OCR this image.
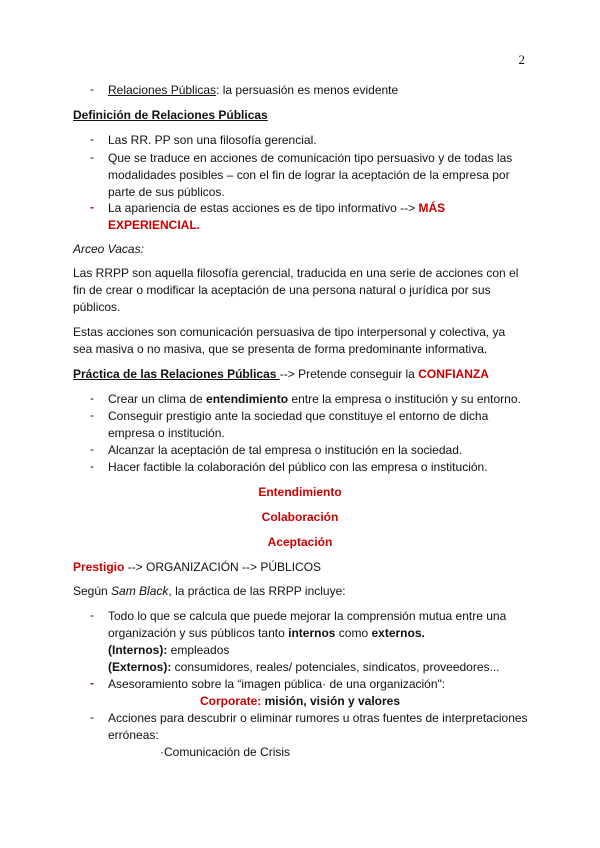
2
-	Relaciones Públicas: la persuasión es menos evidente
Definición de Relaciones Públicas
-	Las RR. PP son una filosofía gerencial.
-	Que se traduce en acciones de comunicación tipo persuasivo y de todas las modalidades posibles – con el fin de lograr la aceptación de la empresa por parte de sus públicos.
-	La apariencia de estas acciones es de tipo informativo --> MÁS EXPERIENCIAL.
Arceo Vacas:
Las RRPP son aquella filosofía gerencial, traducida en una serie de acciones con el fin de crear o modificar la aceptación de una persona natural o jurídica por sus públicos.
Estas acciones son comunicación persuasiva de tipo interpersonal y colectiva, ya sea masiva o no masiva, que se presenta de forma predominante informativa.
Práctica de las Relaciones Públicas --> Pretende conseguir la CONFIANZA
-	Crear un clima de entendimiento entre la empresa o institución y su entorno.
-	Conseguir prestigio ante la sociedad que constituye el entorno de dicha empresa o institución.
-	Alcanzar la aceptación de tal empresa o institución en la sociedad.
-	Hacer factible la colaboración del público con las empresa o institución.
Entendimiento
Colaboración
Aceptación
Prestigio --> ORGANIZACIÓN --> PÚBLICOS
Según Sam Black, la práctica de las RRPP incluye:
-	Todo lo que se calcula que puede mejorar la comprensión mutua entre una organización y sus públicos tanto internos como externos.
(Internos): empleados
(Externos): consumidores, reales/ potenciales, sindicatos, proveedores...
-	Asesoramiento sobre la “imagen pública· de una organización":
Corporate: misión, visión y valores
-	Acciones para descubrir o eliminar rumores u otras fuentes de interpretaciones erróneas:
·Comunicación de Crisis
